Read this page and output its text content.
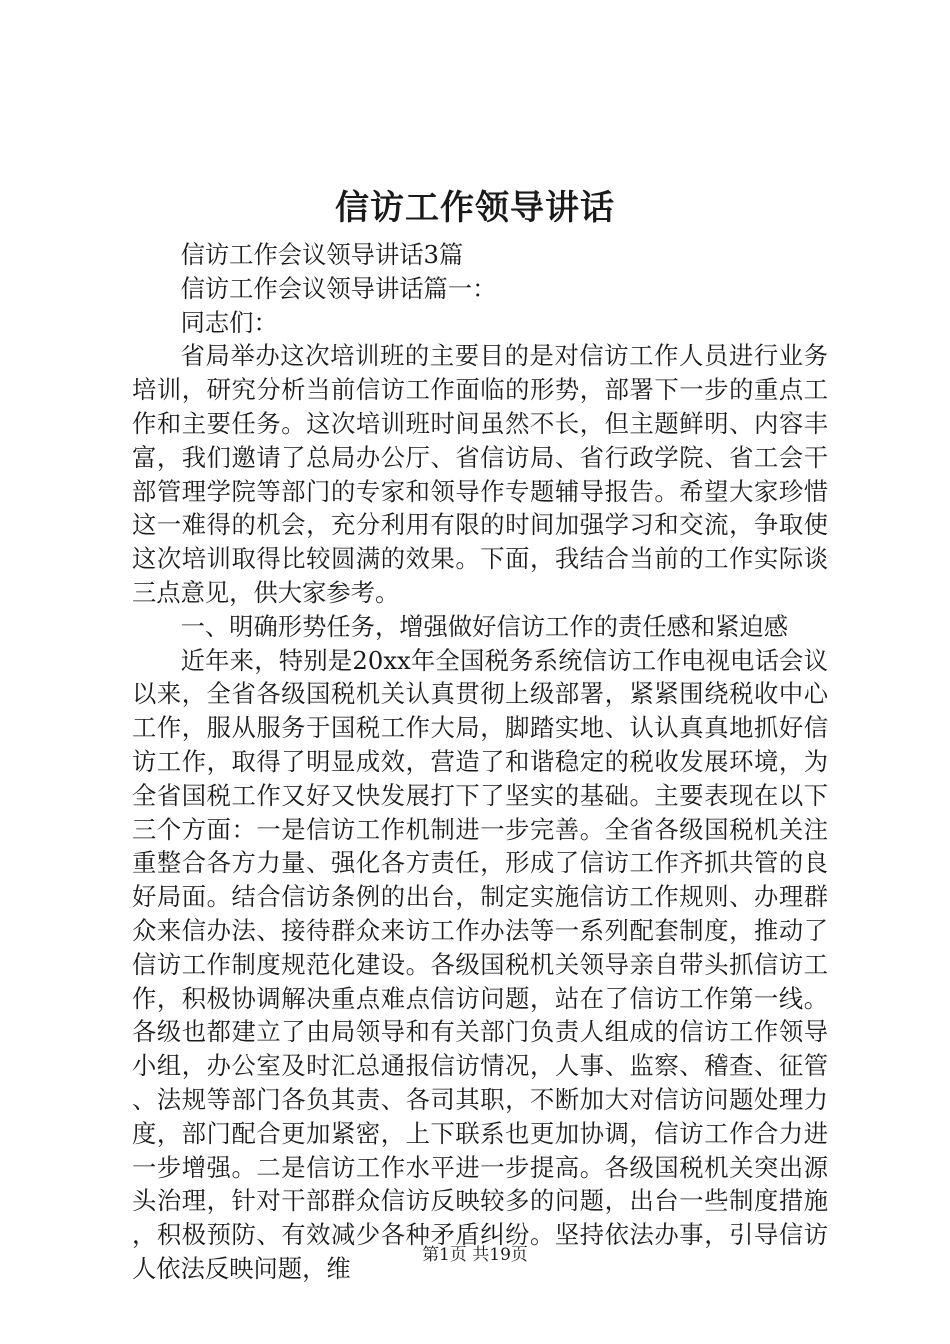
信访工作领导讲话

信访工作会议领导讲话3篇

信访工作会议领导讲话篇一：

同志们：

省局举办这次培训班的主要目的是对信访工作人员进行业务培训，研究分析当前信访工作面临的形势，部署下一步的重点工作和主要任务。这次培训班时间虽然不长，但主题鲜明、内容丰富，我们邀请了总局办公厅、省信访局、省行政学院、省工会干部管理学院等部门的专家和领导作专题辅导报告。希望大家珍惜这一难得的机会，充分利用有限的时间加强学习和交流，争取使这次培训取得比较圆满的效果。下面，我结合当前的工作实际谈三点意见，供大家参考。

一、明确形势任务，增强做好信访工作的责任感和紧迫感

近年来，特别是20xx年全国税务系统信访工作电视电话会议以来，全省各级国税机关认真贯彻上级部署，紧紧围绕税收中心工作，服从服务于国税工作大局，脚踏实地、认认真真地抓好信访工作，取得了明显成效，营造了和谐稳定的税收发展环境，为全省国税工作又好又快发展打下了坚实的基础。主要表现在以下三个方面：一是信访工作机制进一步完善。全省各级国税机关注重整合各方力量、强化各方责任，形成了信访工作齐抓共管的良好局面。结合信访条例的出台，制定实施信访工作规则、办理群众来信办法、接待群众来访工作办法等一系列配套制度，推动了信访工作制度规范化建设。各级国税机关领导亲自带头抓信访工作，积极协调解决重点难点信访问题，站在了信访工作第一线。各级也都建立了由局领导和有关部门负责人组成的信访工作领导小组，办公室及时汇总通报信访情况，人事、监察、稽查、征管、法规等部门各负其责、各司其职，不断加大对信访问题处理力度，部门配合更加紧密，上下联系也更加协调，信访工作合力进一步增强。二是信访工作水平进一步提高。各级国税机关突出源头治理，针对干部群众信访反映较多的问题，出台一些制度措施，积极预防、有效减少各种矛盾纠纷。坚持依法办事，引导信访人依法反映问题，维	第1页 共19页
